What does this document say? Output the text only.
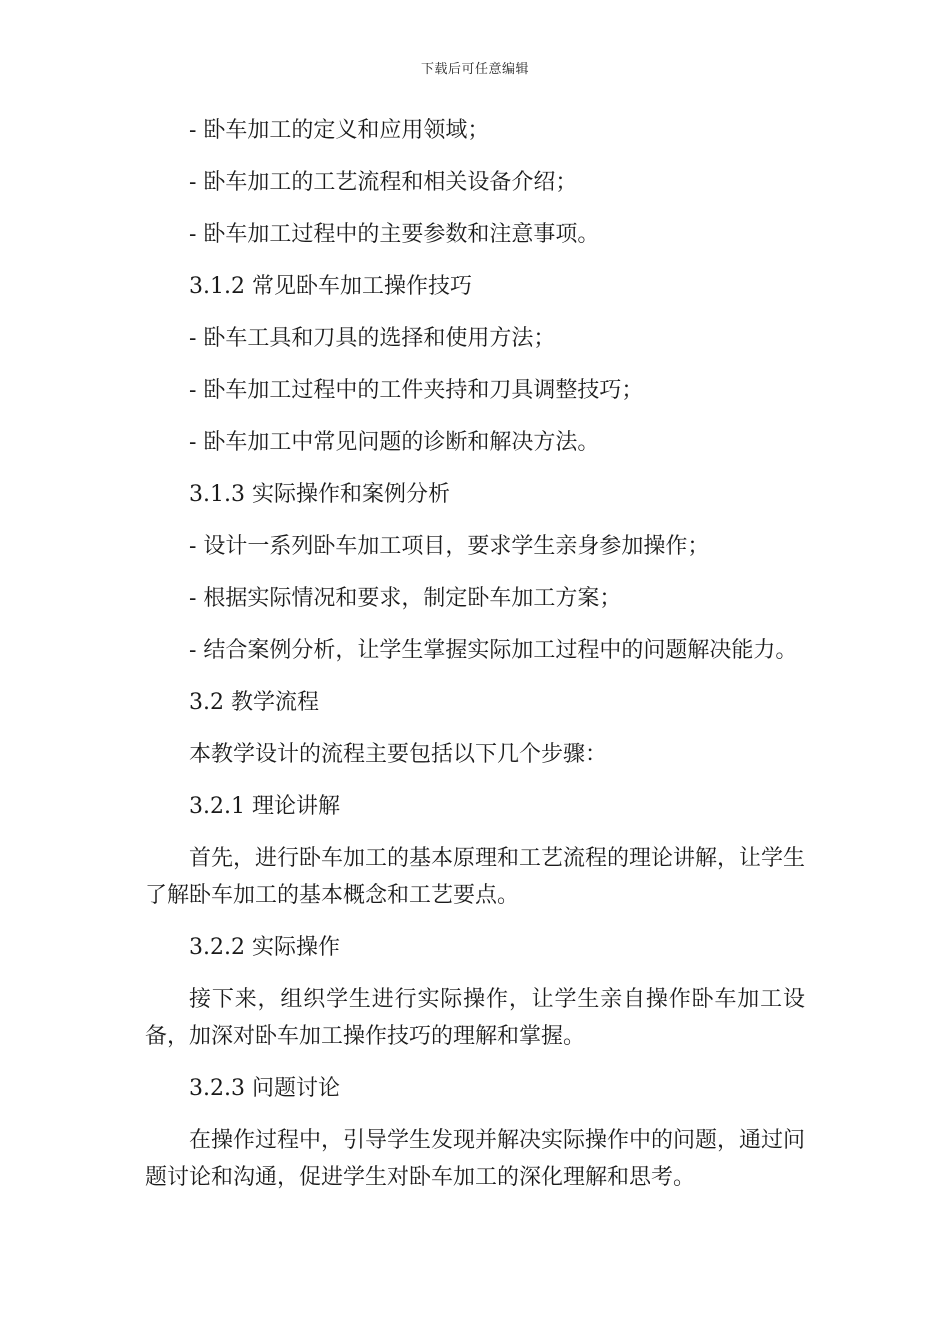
下载后可任意编辑

- 卧车加工的定义和应用领域；

- 卧车加工的工艺流程和相关设备介绍；

- 卧车加工过程中的主要参数和注意事项。

3.1.2 常见卧车加工操作技巧

- 卧车工具和刀具的选择和使用方法；

- 卧车加工过程中的工件夹持和刀具调整技巧；

- 卧车加工中常见问题的诊断和解决方法。

3.1.3 实际操作和案例分析

- 设计一系列卧车加工项目，要求学生亲身参加操作；

- 根据实际情况和要求，制定卧车加工方案；

- 结合案例分析，让学生掌握实际加工过程中的问题解决能力。

3.2 教学流程

本教学设计的流程主要包括以下几个步骤：

3.2.1 理论讲解

首先，进行卧车加工的基本原理和工艺流程的理论讲解，让学生了解卧车加工的基本概念和工艺要点。

3.2.2 实际操作

接下来，组织学生进行实际操作，让学生亲自操作卧车加工设备，加深对卧车加工操作技巧的理解和掌握。

3.2.3 问题讨论

在操作过程中，引导学生发现并解决实际操作中的问题，通过问题讨论和沟通，促进学生对卧车加工的深化理解和思考。
